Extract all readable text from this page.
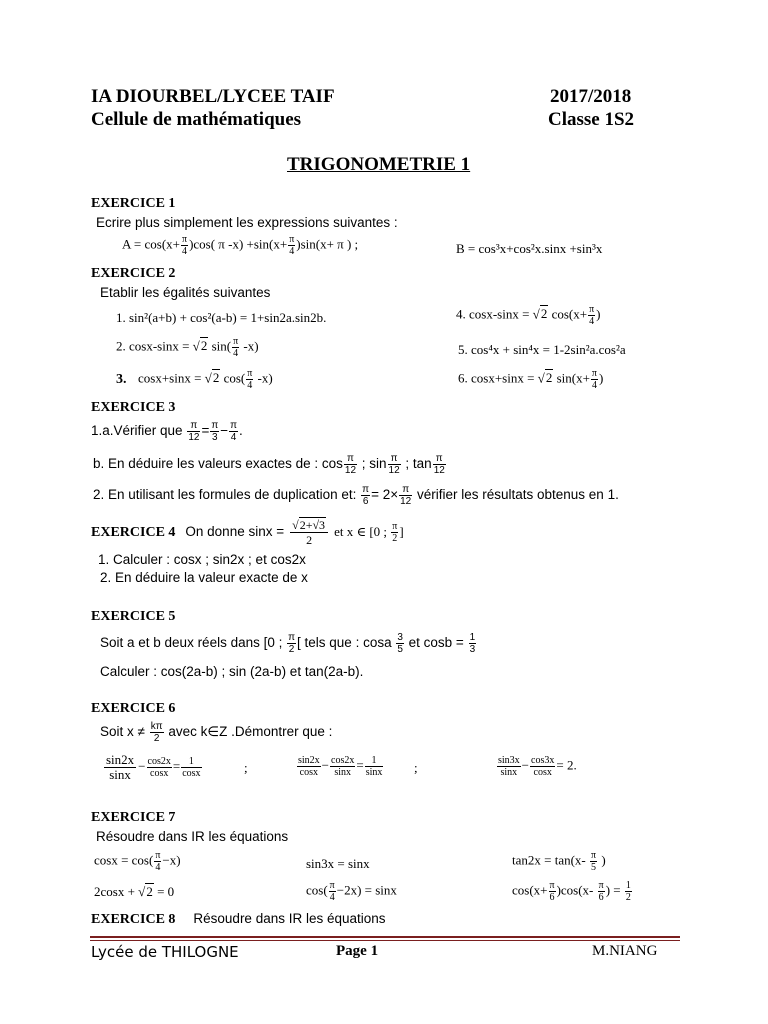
IA DIOURBEL/LYCEE TAIF	2017/2018
Cellule de mathématiques	Classe 1S2
TRIGONOMETRIE 1
EXERCICE 1
Ecrire plus simplement les expressions suivantes :
$A = \cos(x+ \frac{\pi}{4} )\cos$( π $-x) +\sin(x+ \frac{\pi}{4} )\sin(x+ \pi$ ) ;	B = cos³x+cos²x.sinx +sin³x
EXERCICE 2
Etablir les égalités suivantes
1. sin²(a+b) + cos²(a-b) = 1+sin2a.sin2b.	4. cosx-sinx = √2 $\cos(x+ \frac{\pi}{4}$ )
2. cosx-sinx = √2 $\sin( \frac{\pi}{4} -x)$	5. cos⁴x + sin⁴x = 1-2sin²a.cos²a
3. cosx+sinx = √2 $\cos( \frac{\pi}{4} -x)$	6. cosx+sinx = √2 $\sin(x+ \frac{\pi}{4}$ )
EXERCICE 3
1.a.Vérifier que $\frac{\pi}{12} = \frac{\pi}{3} - \frac{\pi}{4}$ .
b. En déduire les valeurs exactes de : $\cos \frac{\pi}{12}$ ; $\sin \frac{\pi}{12}$ ; $\tan \frac{\pi}{12}$
2. En utilisant les formules de duplication et: $\frac{\pi}{6} = 2\times \frac{\pi}{12}$ vérifier les résultats obtenus en 1.
EXERCICE 4 On donne $\sin x = \frac{√2+√3}{2}$ et x ∈ [0 ; $\frac{\pi}{2}$ ]
1. Calculer : cosx ; sin2x ; et cos2x
2. En déduire la valeur exacte de x
EXERCICE 5
Soit a et b deux réels dans [0 ; $\frac{\pi}{2}$ [ tels que : cosa $\frac{3}{5}$ et $\cos b = \frac{1}{3}$
Calculer : cos(2a-b) ; sin (2a-b) et tan(2a-b).
EXERCICE 6
Soit $x \ne \frac{k\pi}{2}$ avec k∈Z .Démontrer que :
$\frac{\sin 2x}{\sin x} - \frac{\cos 2x}{\cos x} = \frac{1}{\cos x}$	;	$\frac{\sin 2x}{\cos x} - \frac{\cos 2x}{\sin x} = \frac{1}{\sin x}$ ;	$\frac{\sin 3x}{\sin x} - \frac{\cos 3x}{\cos x} = 2$.
EXERCICE 7
Résoudre dans IR les équations
$\cos x = \cos( \frac{\pi}{4} -x)$	sin3x = sinx	$\tan 2x = \tan(x- \frac{\pi}{5}$ )
2cosx + √2 = 0	$\cos( \frac{\pi}{4} -2x) = \sin x$	$\cos(x+ \frac{\pi}{6} )\cos(x- \frac{\pi}{6}$ ) = $\frac{1}{2}$
EXERCICE 8 Résoudre dans IR les équations
Lycée de THILOGNE	Page 1	M.NIANG
